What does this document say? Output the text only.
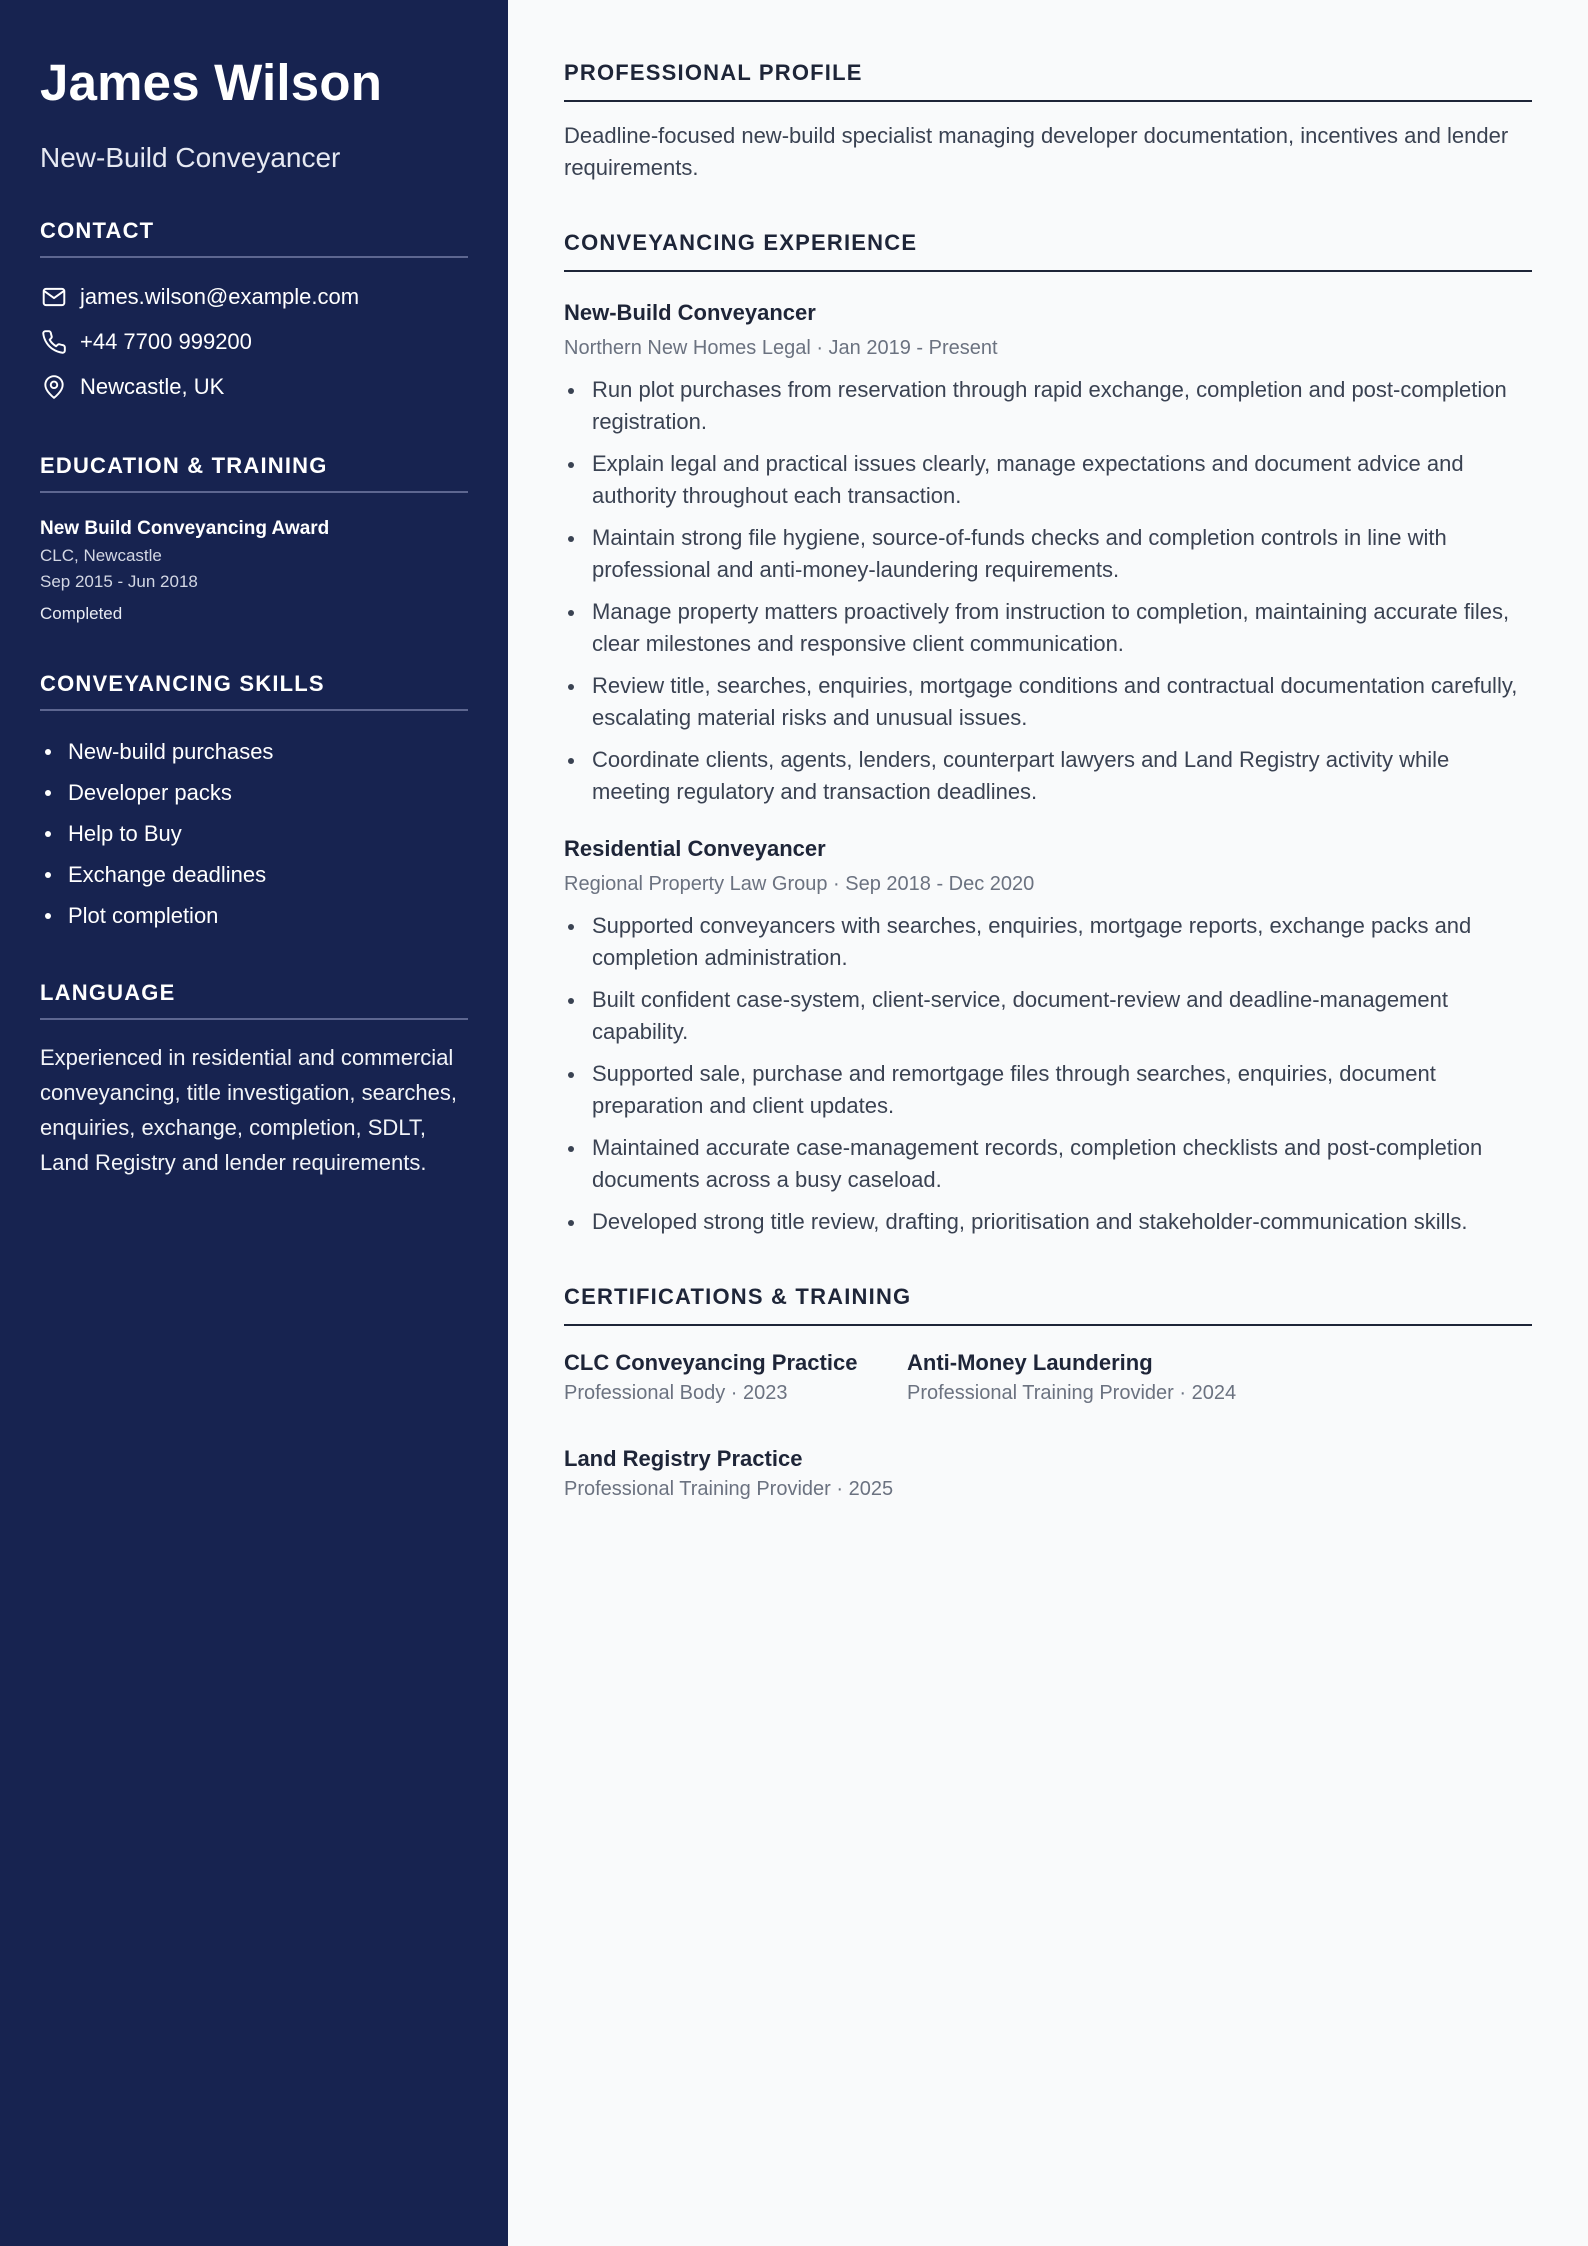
James Wilson
New-Build Conveyancer
CONTACT
james.wilson@example.com
+44 7700 999200
Newcastle, UK
EDUCATION & TRAINING
New Build Conveyancing Award
CLC, Newcastle
Sep 2015 - Jun 2018
Completed
CONVEYANCING SKILLS
New-build purchases
Developer packs
Help to Buy
Exchange deadlines
Plot completion
LANGUAGE
Experienced in residential and commercial conveyancing, title investigation, searches, enquiries, exchange, completion, SDLT, Land Registry and lender requirements.
PROFESSIONAL PROFILE
Deadline-focused new-build specialist managing developer documentation, incentives and lender requirements.
CONVEYANCING EXPERIENCE
New-Build Conveyancer
Northern New Homes Legal · Jan 2019 - Present
Run plot purchases from reservation through rapid exchange, completion and post-completion registration.
Explain legal and practical issues clearly, manage expectations and document advice and authority throughout each transaction.
Maintain strong file hygiene, source-of-funds checks and completion controls in line with professional and anti-money-laundering requirements.
Manage property matters proactively from instruction to completion, maintaining accurate files, clear milestones and responsive client communication.
Review title, searches, enquiries, mortgage conditions and contractual documentation carefully, escalating material risks and unusual issues.
Coordinate clients, agents, lenders, counterpart lawyers and Land Registry activity while meeting regulatory and transaction deadlines.
Residential Conveyancer
Regional Property Law Group · Sep 2018 - Dec 2020
Supported conveyancers with searches, enquiries, mortgage reports, exchange packs and completion administration.
Built confident case-system, client-service, document-review and deadline-management capability.
Supported sale, purchase and remortgage files through searches, enquiries, document preparation and client updates.
Maintained accurate case-management records, completion checklists and post-completion documents across a busy caseload.
Developed strong title review, drafting, prioritisation and stakeholder-communication skills.
CERTIFICATIONS & TRAINING
CLC Conveyancing Practice
Professional Body · 2023
Anti-Money Laundering
Professional Training Provider · 2024
Land Registry Practice
Professional Training Provider · 2025
